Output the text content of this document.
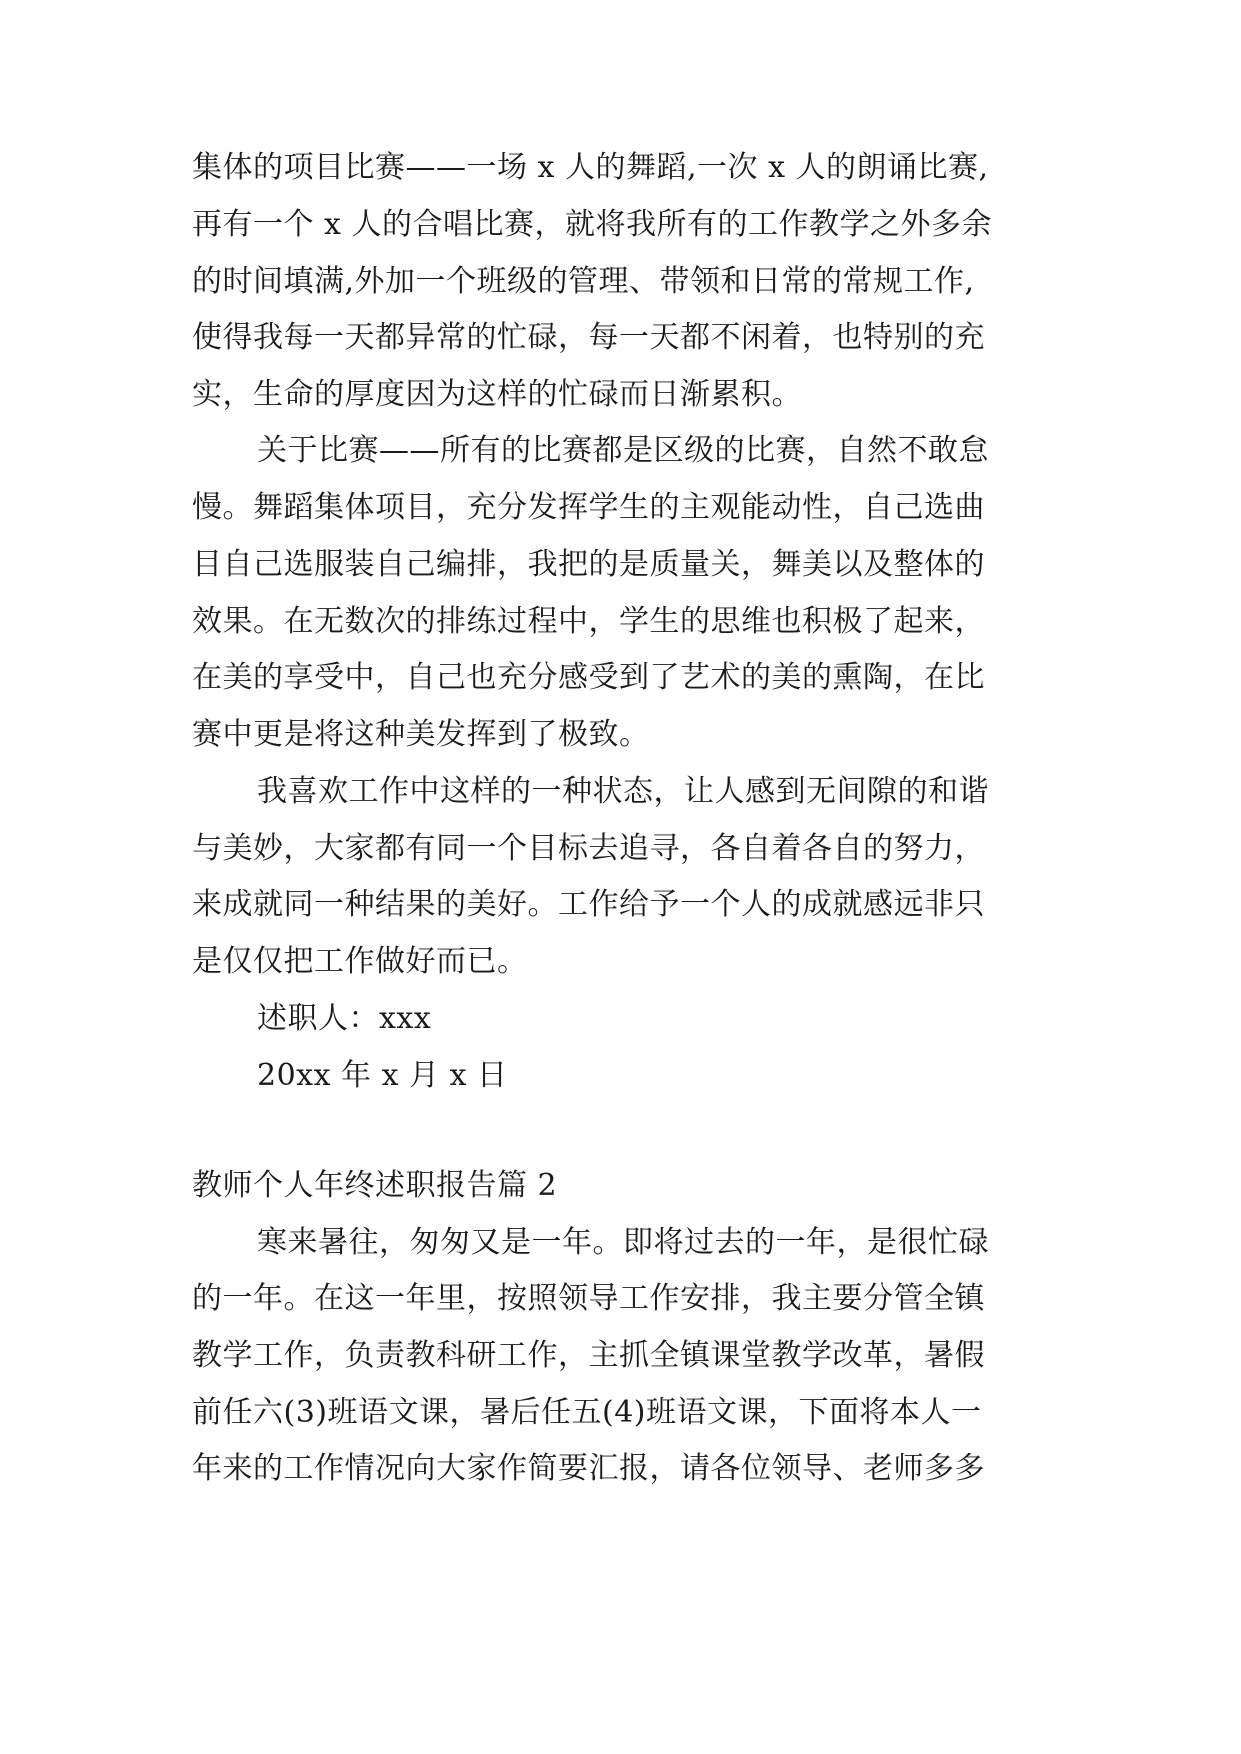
集体的项目比赛——一场 x 人的舞蹈,一次 x 人的朗诵比赛,
再有一个 x 人的合唱比赛，就将我所有的工作教学之外多余
的时间填满,外加一个班级的管理、带领和日常的常规工作,
使得我每一天都异常的忙碌，每一天都不闲着，也特别的充
实，生命的厚度因为这样的忙碌而日渐累积。
关于比赛——所有的比赛都是区级的比赛，自然不敢怠
慢。舞蹈集体项目，充分发挥学生的主观能动性，自己选曲
目自己选服装自己编排，我把的是质量关，舞美以及整体的
效果。在无数次的排练过程中，学生的思维也积极了起来，
在美的享受中，自己也充分感受到了艺术的美的熏陶，在比
赛中更是将这种美发挥到了极致。
我喜欢工作中这样的一种状态，让人感到无间隙的和谐
与美妙，大家都有同一个目标去追寻，各自着各自的努力，
来成就同一种结果的美好。工作给予一个人的成就感远非只
是仅仅把工作做好而已。
述职人：xxx
20xx 年 x 月 x 日
教师个人年终述职报告篇 2
寒来暑往，匆匆又是一年。即将过去的一年，是很忙碌
的一年。在这一年里，按照领导工作安排，我主要分管全镇
教学工作，负责教科研工作，主抓全镇课堂教学改革，暑假
前任六(3)班语文课，暑后任五(4)班语文课，下面将本人一
年来的工作情况向大家作简要汇报，请各位领导、老师多多
